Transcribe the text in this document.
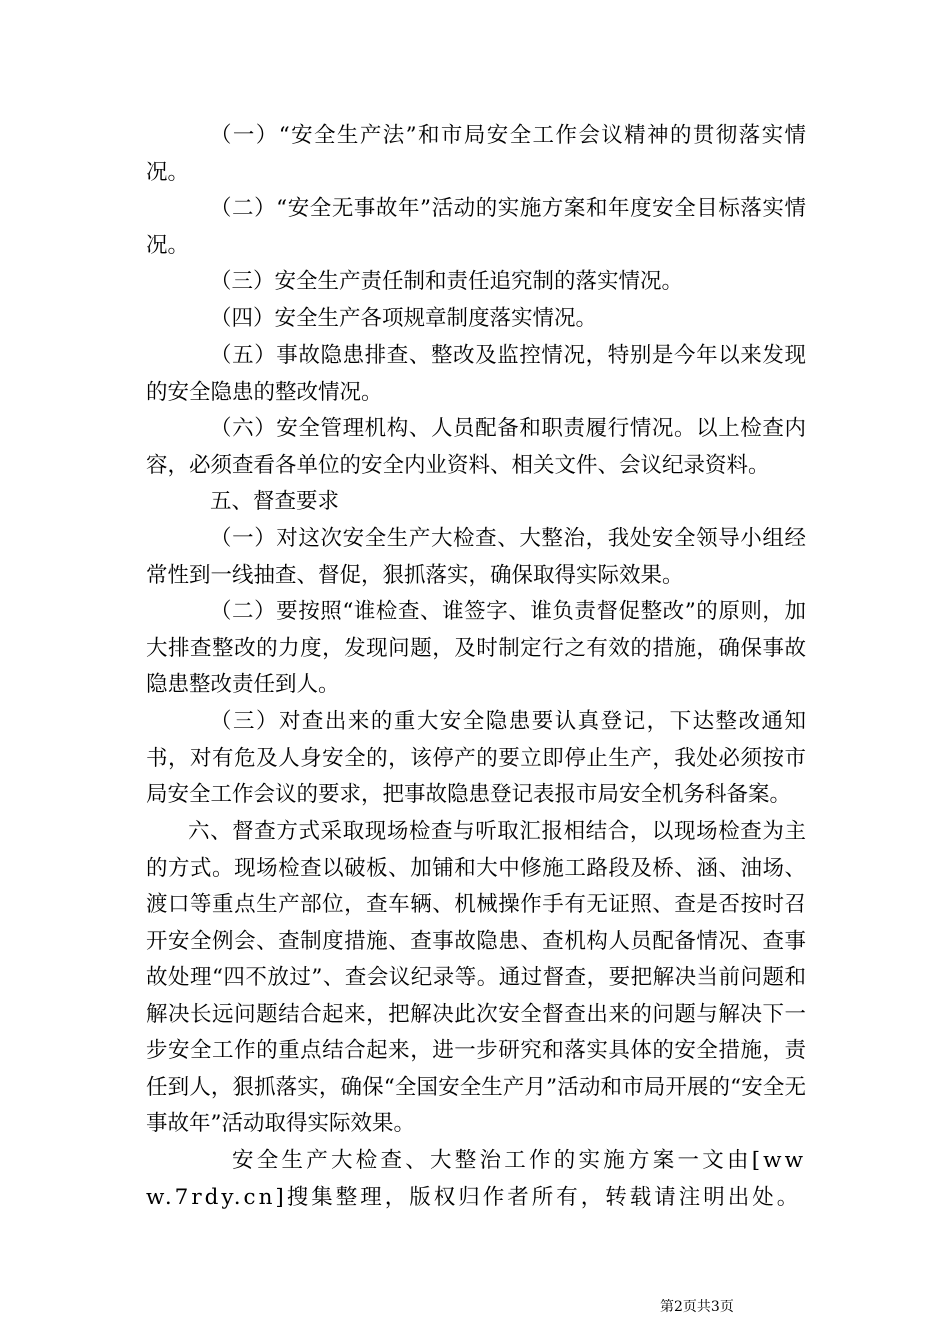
（一）“安全生产法”和市局安全工作会议精神的贯彻落实情况。

（二）“安全无事故年”活动的实施方案和年度安全目标落实情况。

（三）安全生产责任制和责任追究制的落实情况。

（四）安全生产各项规章制度落实情况。

（五）事故隐患排查、整改及监控情况，特别是今年以来发现的安全隐患的整改情况。

（六）安全管理机构、人员配备和职责履行情况。以上检查内容，必须查看各单位的安全内业资料、相关文件、会议纪录资料。

五、督查要求

（一）对这次安全生产大检查、大整治，我处安全领导小组经常性到一线抽查、督促，狠抓落实，确保取得实际效果。

（二）要按照“谁检查、谁签字、谁负责督促整改”的原则，加大排查整改的力度，发现问题，及时制定行之有效的措施，确保事故隐患整改责任到人。

（三）对查出来的重大安全隐患要认真登记，下达整改通知书，对有危及人身安全的，该停产的要立即停止生产，我处必须按市局安全工作会议的要求，把事故隐患登记表报市局安全机务科备案。

六、督查方式采取现场检查与听取汇报相结合，以现场检查为主的方式。现场检查以破板、加铺和大中修施工路段及桥、涵、油场、渡口等重点生产部位，查车辆、机械操作手有无证照、查是否按时召开安全例会、查制度措施、查事故隐患、查机构人员配备情况、查事故处理“四不放过”、查会议纪录等。通过督查，要把解决当前问题和解决长远问题结合起来，把解决此次安全督查出来的问题与解决下一步安全工作的重点结合起来，进一步研究和落实具体的安全措施，责任到人，狠抓落实，确保“全国安全生产月”活动和市局开展的“安全无事故年”活动取得实际效果。

安全生产大检查、大整治工作的实施方案一文由[www.7rdy.cn]搜集整理，版权归作者所有，转载请注明出处。

第2页共3页
